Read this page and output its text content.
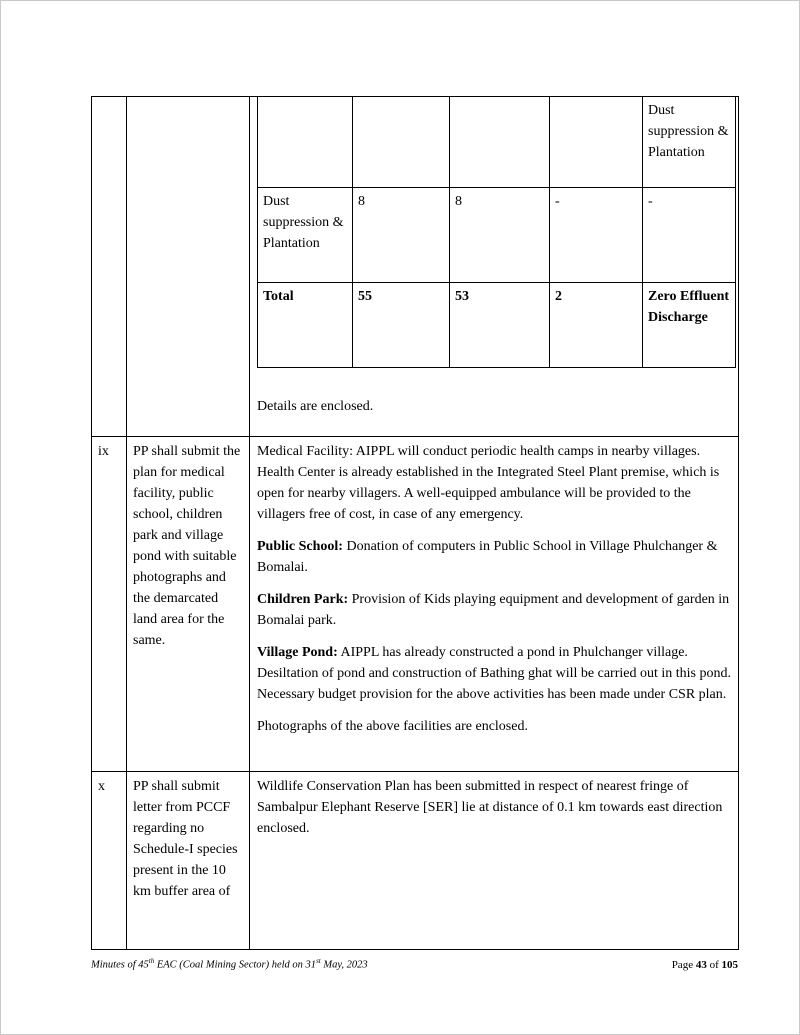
				Dust suppression & Plantation
Dust suppression & Plantation	8	8	-	-
Total	55	53	2	Zero Effluent Discharge

Details are enclosed.

ix	PP shall submit the plan for medical facility, public school, children park and village pond with suitable photographs and the demarcated land area for the same.	

Medical Facility: AIPPL will conduct periodic health camps in nearby villages. Health Center is already established in the Integrated Steel Plant premise, which is open for nearby villagers. A well-equipped ambulance will be provided to the villagers free of cost, in case of any emergency.

Public School: Donation of computers in Public School in Village Phulchanger & Bomalai.

Children Park: Provision of Kids playing equipment and development of garden in Bomalai park.

Village Pond: AIPPL has already constructed a pond in Phulchanger village. Desiltation of pond and construction of Bathing ghat will be carried out in this pond. Necessary budget provision for the above activities has been made under CSR plan.

Photographs of the above facilities are enclosed.

x	PP shall submit letter from PCCF regarding no Schedule-I species present in the 10 km buffer area of	

Wildlife Conservation Plan has been submitted in respect of nearest fringe of Sambalpur Elephant Reserve [SER] lie at distance of 0.1 km towards east direction enclosed.

Minutes of 45th EAC (Coal Mining Sector) held on 31st May, 2023	Page 43 of 105
